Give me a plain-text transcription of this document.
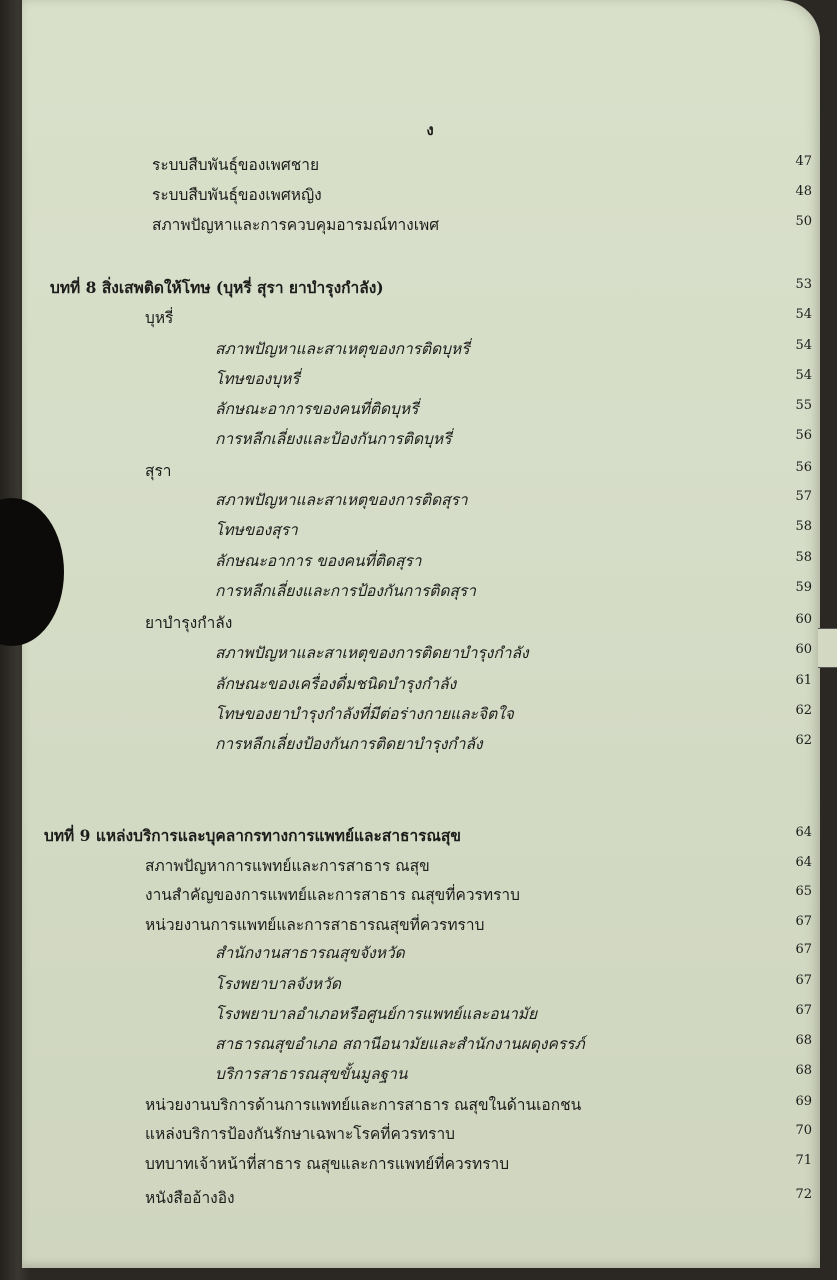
ง
ระบบสืบพันธุ์ของเพศชาย	47
ระบบสืบพันธุ์ของเพศหญิง	48
สภาพปัญหาและการควบคุมอารมณ์ทางเพศ	50
บทที่ 8 สิ่งเสพติดให้โทษ (บุหรี่ สุรา ยาบำรุงกำลัง)	53
บุหรี่	54
สภาพปัญหาและสาเหตุของการติดบุหรี่	54
โทษของบุหรี่	54
ลักษณะอาการของคนที่ติดบุหรี่	55
การหลีกเลี่ยงและป้องกันการติดบุหรี่	56
สุรา	56
สภาพปัญหาและสาเหตุของการติดสุรา	57
โทษของสุรา	58
ลักษณะอาการ ของคนที่ติดสุรา	58
การหลีกเลี่ยงและการป้องกันการติดสุรา	59
ยาบำรุงกำลัง	60
สภาพปัญหาและสาเหตุของการติดยาบำรุงกำลัง	60
ลักษณะของเครื่องดื่มชนิดบำรุงกำลัง	61
โทษของยาบำรุงกำลังที่มีต่อร่างกายและจิตใจ	62
การหลีกเลี่ยงป้องกันการติดยาบำรุงกำลัง	62
บทที่ 9 แหล่งบริการและบุคลากรทางการแพทย์และสาธารณสุข	64
สภาพปัญหาการแพทย์และการสาธาร ณสุข	64
งานสำคัญของการแพทย์และการสาธาร ณสุขที่ควรทราบ	65
หน่วยงานการแพทย์และการสาธารณสุขที่ควรทราบ	67
สำนักงานสาธารณสุขจังหวัด	67
โรงพยาบาลจังหวัด	67
โรงพยาบาลอำเภอหรือศูนย์การแพทย์และอนามัย	67
สาธารณสุขอำเภอ สถานีอนามัยและสำนักงานผดุงครรภ์	68
บริการสาธารณสุขขั้นมูลฐาน	68
หน่วยงานบริการด้านการแพทย์และการสาธาร ณสุขในด้านเอกชน	69
แหล่งบริการป้องกันรักษาเฉพาะโรคที่ควรทราบ	70
บทบาทเจ้าหน้าที่สาธาร ณสุขและการแพทย์ที่ควรทราบ	71
หนังสืออ้างอิง	72
